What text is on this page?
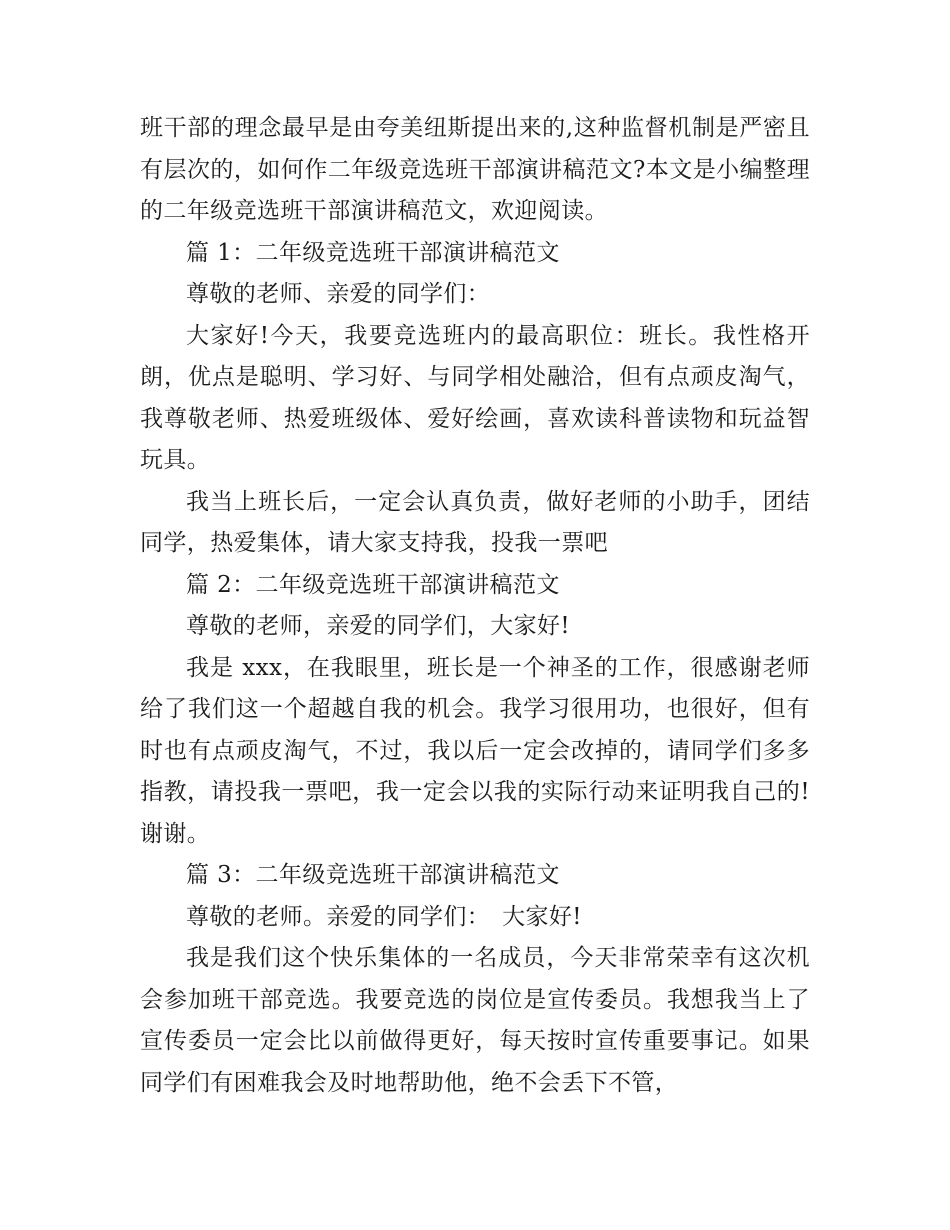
班干部的理念最早是由夸美纽斯提出来的,这种监督机制是严密且有层次的，如何作二年级竞选班干部演讲稿范文?本文是小编整理的二年级竞选班干部演讲稿范文，欢迎阅读。

篇 1：二年级竞选班干部演讲稿范文

尊敬的老师、亲爱的同学们：

大家好!今天，我要竞选班内的最高职位：班长。我性格开朗，优点是聪明、学习好、与同学相处融洽，但有点顽皮淘气，我尊敬老师、热爱班级体、爱好绘画，喜欢读科普读物和玩益智玩具。

我当上班长后，一定会认真负责，做好老师的小助手，团结同学，热爱集体，请大家支持我，投我一票吧

篇 2：二年级竞选班干部演讲稿范文

尊敬的老师，亲爱的同学们，大家好!

我是 xxx，在我眼里，班长是一个神圣的工作，很感谢老师给了我们这一个超越自我的机会。我学习很用功，也很好，但有时也有点顽皮淘气，不过，我以后一定会改掉的，请同学们多多指教，请投我一票吧，我一定会以我的实际行动来证明我自己的!谢谢。

篇 3：二年级竞选班干部演讲稿范文

尊敬的老师。亲爱的同学们：　大家好!

我是我们这个快乐集体的一名成员，今天非常荣幸有这次机会参加班干部竞选。我要竞选的岗位是宣传委员。我想我当上了宣传委员一定会比以前做得更好，每天按时宣传重要事记。如果同学们有困难我会及时地帮助他，绝不会丢下不管，
